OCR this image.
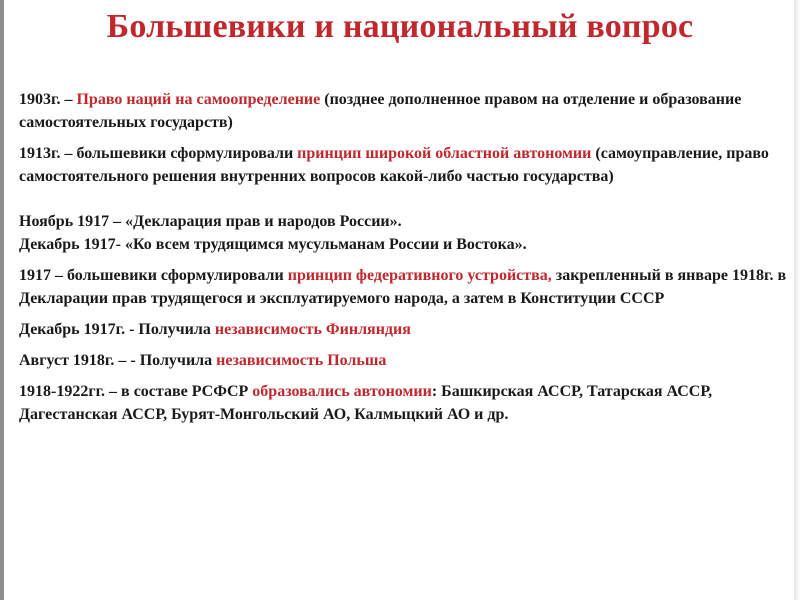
Большевики и национальный вопрос

1903г. – Право наций на самоопределение (позднее дополненное правом на отделение и образование самостоятельных государств)

1913г. – большевики сформулировали принцип широкой областной автономии (самоуправление, право самостоятельного решения внутренних вопросов какой-либо частью государства)

Ноябрь 1917 – «Декларация прав и народов России».
Декабрь 1917- «Ко всем трудящимся мусульманам России и Востока».

1917 – большевики сформулировали принцип федеративного устройства, закрепленный в январе 1918г. в Декларации прав трудящегося и эксплуатируемого народа, а затем в Конституции СССР

Декабрь 1917г. - Получила независимость Финляндия

Август 1918г. – - Получила независимость Польша

1918-1922гг. – в составе РСФСР образовались автономии: Башкирская АССР, Татарская АССР, Дагестанская АССР, Бурят-Монгольский АО, Калмыцкий АО и др.
